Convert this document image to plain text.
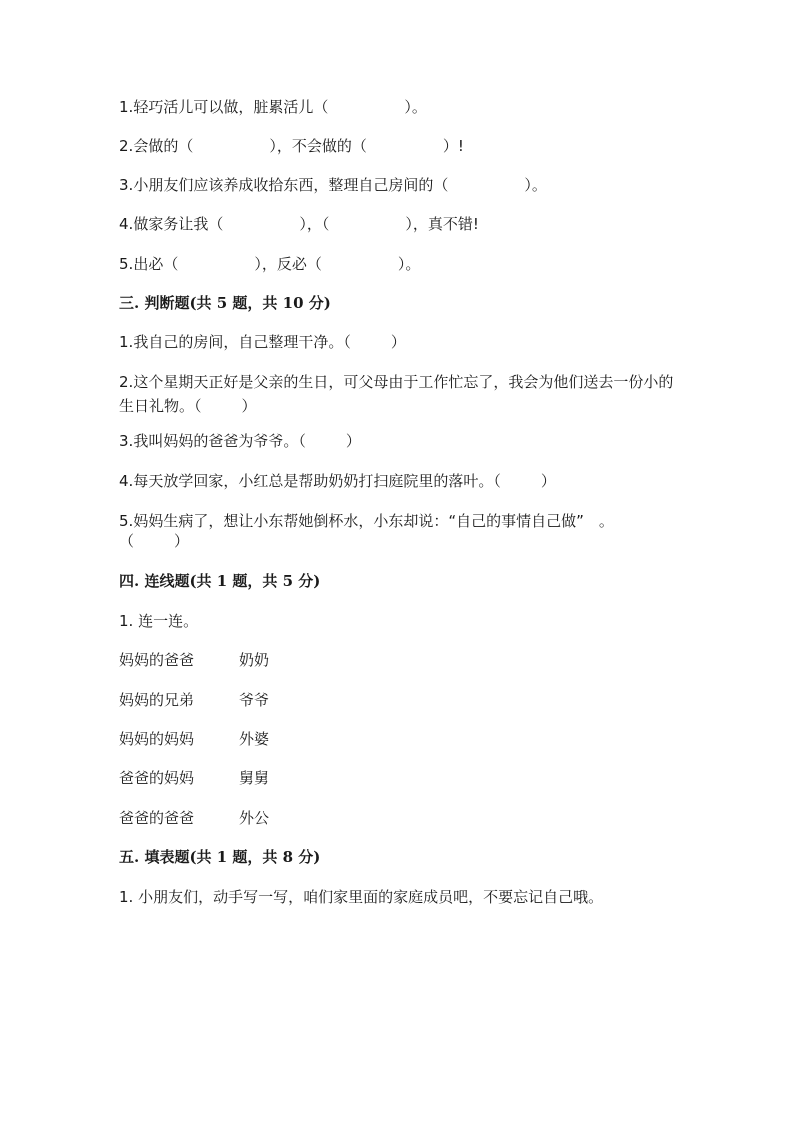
1.轻巧活儿可以做，脏累活儿（	）。
2.会做的（	），不会做的（	）!
3.小朋友们应该养成收拾东西，整理自己房间的（	）。
4.做家务让我（	），（	），真不错!
5.出必（	），反必（	）。
三. 判断题(共 5 题，共 10 分)
1.我自己的房间，自己整理干净。（	）
2.这个星期天正好是父亲的生日，可父母由于工作忙忘了，我会为他们送去一份小的生日礼物。（	）
3.我叫妈妈的爸爸为爷爷。（	）
4.每天放学回家，小红总是帮助奶奶打扫庭院里的落叶。（	）
5.妈妈生病了，想让小东帮她倒杯水，小东却说：“自己的事情自己做”　。
（	）
四. 连线题(共 1 题，共 5 分)
1. 连一连。
妈妈的爸爸	奶奶
妈妈的兄弟	爷爷
妈妈的妈妈	外婆
爸爸的妈妈	舅舅
爸爸的爸爸	外公
五. 填表题(共 1 题，共 8 分)
1. 小朋友们，动手写一写，咱们家里面的家庭成员吧，不要忘记自己哦。
